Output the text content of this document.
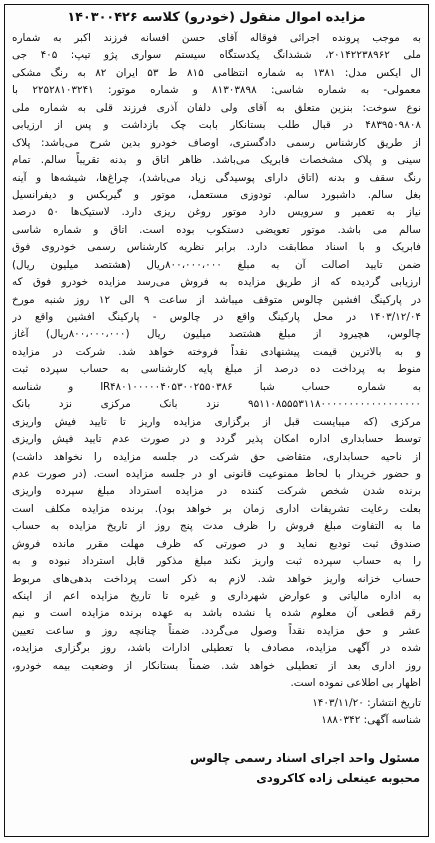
مزایده اموال منقول (خودرو) کلاسه ۱۴۰۳۰۰۴۲۶
به موجب پرونده اجرائی فوقاله آقای حسن افسانه فرزند اکبر به شماره
ملی ۲۰۱۴۲۲۳۸۹۶۲، ششدانگ یکدستگاه سیستم سواری پژو تیپ: ۴۰۵ جی
ال ایکس مدل: ۱۳۸۱ به شماره انتظامی ۸۱۵ ط ۵۳ ایران ۸۲ به رنگ مشکی
معمولی- به شماره شاسی: ۸۱۳۰۳۸۹۸ و شماره موتور: ۲۲۵۲۸۱۰۳۲۴۱ با
نوع سوخت: بنزین متعلق به آقای ولی دلفان آذری فرزند قلی به شماره ملی
۴۸۳۹۵۰۹۸۰۸ در قبال طلب بستانکار بابت چک بازداشت و پس از ارزیابی
از طریق کارشناس رسمی دادگستری، اوصاف خودرو بدین شرح می‌باشد: پلاک
سینی و پلاک مشخصات فابریک می‌باشد. ظاهر اتاق و بدنه تقریباً سالم. تمام
رنگ سقف و بدنه (اتاق دارای پوسیدگی زیاد می‌باشد)، چراغ‌ها، شیشه‌ها و آینه
بغل سالم. داشبورد سالم. تودوزی مستعمل، موتور و گیربکس و دیفرانسیل
نیاز به تعمیر و سرویس دارد موتور روغن ریزی دارد. لاستیک‌ها ۵۰ درصد
سالم می باشد. موتور تعویضی دستکوب بوده است. اتاق و شماره شاسی
فابریک و با اسناد مطابقت دارد. برابر نظریه کارشناس رسمی خودروی فوق
ضمن تایید اصالت آن به مبلغ ۸۰۰،۰۰۰،۰۰۰ریال (هشتصد میلیون ریال)
ارزیابی گردیده که از طریق مزایده به فروش می‌رسد مزایده خودرو فوق که
در پارکینگ افشین چالوس متوقف میباشد از ساعت ۹ الی ۱۲ روز شنبه مورخ
۱۴۰۳/۱۲/۰۴ در محل پارکینگ واقع در چالوس - پارکینگ افشین واقع در
چالوس، هچیرود از مبلغ هشتصد میلیون ریال (۸۰۰،۰۰۰،۰۰۰ریال) آغاز
و به بالاترین قیمت پیشنهادی نقداً فروخته خواهد شد. شرکت در مزایده
منوط به پرداخت ده درصد از مبلغ پایه کارشناسی به حساب سپرده ثبت
به شماره حساب شبا IR۴۸۰۱۰۰۰۰۰۴۰۵۳۰۰۲۵۵۰۳۸۶ و شناسه
۹۵۱۱۰۸۵۵۵۳۱۱۸۰۰۰۰۰۰۰۰۰۰۰۰۰۰۰۰۰۰ نزد بانک مرکزی نزد بانک
مرکزی (که میبایست قبل از برگزاری مزایده واریز تا تایید فیش واریزی
توسط حسابداری اداره امکان پذیر گردد و در صورت عدم تایید فیش واریزی
از ناحیه حسابداری، متقاضی حق شرکت در جلسه مزایده را نخواهد داشت)
و حضور خریدار با لحاظ ممنوعیت قانونی او در جلسه مزایده است. (در صورت عدم
برنده شدن شخص شرکت کننده در مزایده استرداد مبلغ سپرده واریزی
بعلت رعایت تشریفات اداری زمان بر خواهد بود). برنده مزایده مکلف است
ما به التفاوت مبلغ فروش را ظرف مدت پنج روز از تاریخ مزایده به حساب
صندوق ثبت تودیع نماید و در صورتی که ظرف مهلت مقرر مانده فروش
را به حساب سپرده ثبت واریز نکند مبلغ مذکور قابل استرداد نبوده و به
حساب خزانه واریز خواهد شد. لازم به ذکر است پرداخت بدهی‌های مربوط
به اداره مالیاتی و عوارض شهرداری و غیره تا تاریخ مزایده اعم از اینکه
رقم قطعی آن معلوم شده یا نشده باشد به عهده برنده مزایده است و نیم
عشر و حق مزایده نقداً وصول می‌گردد. ضمناً چنانچه روز و ساعت تعیین
شده در آگهی مزایده، مصادف با تعطیلی ادارات باشد، روز برگزاری مزایده،
روز اداری بعد از تعطیلی خواهد شد. ضمناً بستانکار از وضعیت بیمه خودرو،
اظهار بی اطلاعی نموده است.
تاریخ انتشار: ۱۴۰۳/۱۱/۲۰
شناسه آگهی: ۱۸۸۰۳۴۲
مسئول واحد اجرای اسناد رسمی چالوس
محبوبه عینعلی زاده کاکرودی
